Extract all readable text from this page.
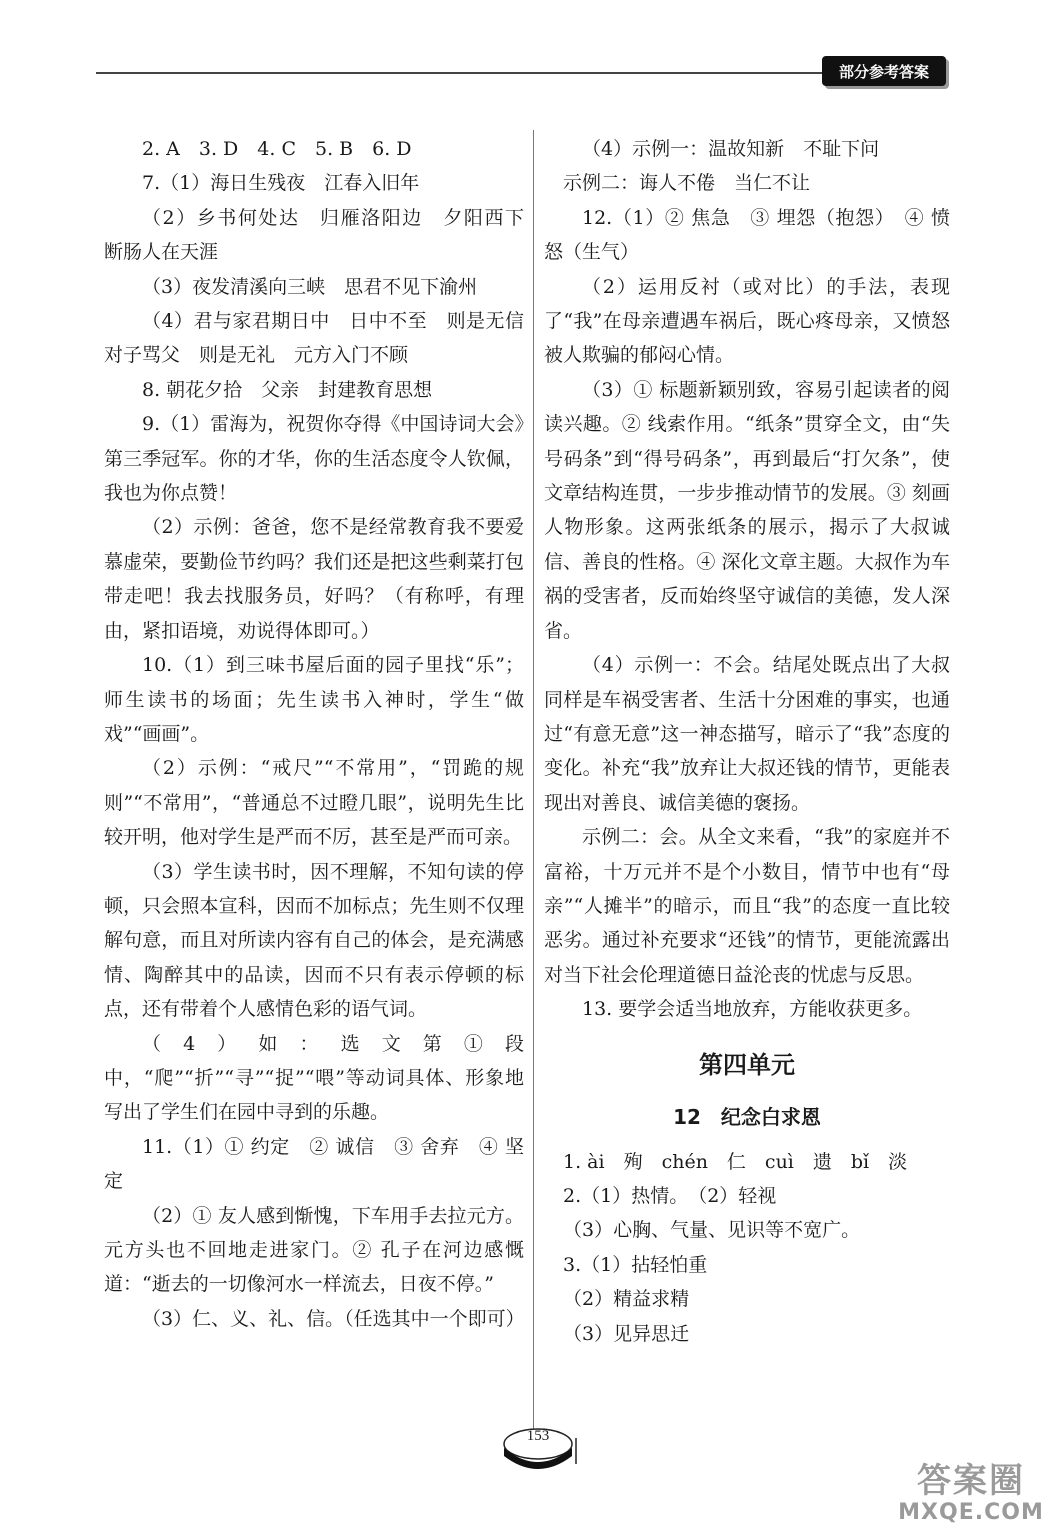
部分参考答案

2. A　3. D　4. C　5. B　6. D

7.（1）海日生残夜　江春入旧年

（2）乡书何处达　归雁洛阳边　夕阳西下　断肠人在天涯

（3）夜发清溪向三峡　思君不见下渝州

（4）君与家君期日中　日中不至　则是无信　对子骂父　则是无礼　元方入门不顾

8. 朝花夕拾　父亲　封建教育思想

9.（1）雷海为，祝贺你夺得《中国诗词大会》第三季冠军。你的才华，你的生活态度令人钦佩，我也为你点赞！

（2）示例：爸爸，您不是经常教育我不要爱慕虚荣，要勤俭节约吗？我们还是把这些剩菜打包带走吧！我去找服务员，好吗？（有称呼，有理由，紧扣语境，劝说得体即可。）

10.（1）到三味书屋后面的园子里找“乐”；师生读书的场面；先生读书入神时，学生“做戏”“画画”。

（2）示例：“戒尺”“不常用”，“罚跪的规则”“不常用”，“普通总不过瞪几眼”，说明先生比较开明，他对学生是严而不厉，甚至是严而可亲。

（3）学生读书时，因不理解，不知句读的停顿，只会照本宣科，因而不加标点；先生则不仅理解句意，而且对所读内容有自己的体会，是充满感情、陶醉其中的品读，因而不只有表示停顿的标点，还有带着个人感情色彩的语气词。

（4）如：选文第①段中，“爬”“折”“寻”“捉”“喂”等动词具体、形象地写出了学生们在园中寻到的乐趣。

11.（1）① 约定　② 诚信　③ 舍弃　④ 坚定

（2）① 友人感到惭愧，下车用手去拉元方。元方头也不回地走进家门。② 孔子在河边感慨道：“逝去的一切像河水一样流去，日夜不停。”

（3）仁、义、礼、信。（任选其中一个即可）

（4）示例一：温故知新　不耻下问

示例二：诲人不倦　当仁不让

12.（1）② 焦急　③ 埋怨（抱怨）　④ 愤怒（生气）

（2）运用反衬（或对比）的手法，表现了“我”在母亲遭遇车祸后，既心疼母亲，又愤怒被人欺骗的郁闷心情。

（3）① 标题新颖别致，容易引起读者的阅读兴趣。② 线索作用。“纸条”贯穿全文，由“失号码条”到“得号码条”，再到最后“打欠条”，使文章结构连贯，一步步推动情节的发展。③ 刻画人物形象。这两张纸条的展示，揭示了大叔诚信、善良的性格。④ 深化文章主题。大叔作为车祸的受害者，反而始终坚守诚信的美德，发人深省。

（4）示例一：不会。结尾处既点出了大叔同样是车祸受害者、生活十分困难的事实，也通过“有意无意”这一神态描写，暗示了“我”态度的变化。补充“我”放弃让大叔还钱的情节，更能表现出对善良、诚信美德的褒扬。

示例二：会。从全文来看，“我”的家庭并不富裕，十万元并不是个小数目，情节中也有“母亲”“人摊半”的暗示，而且“我”的态度一直比较恶劣。通过补充要求“还钱”的情节，更能流露出对当下社会伦理道德日益沦丧的忧虑与反思。

13. 要学会适当地放弃，方能收获更多。

第四单元

12　纪念白求恩

1. ài　殉　chén　仁　cuì　遗　bǐ　淡

2.（1）热情。　（2）轻视

（3）心胸、气量、见识等不宽广。

3.（1）拈轻怕重

（2）精益求精

（3）见异思迁

153
答案圈
MXQE.COM
